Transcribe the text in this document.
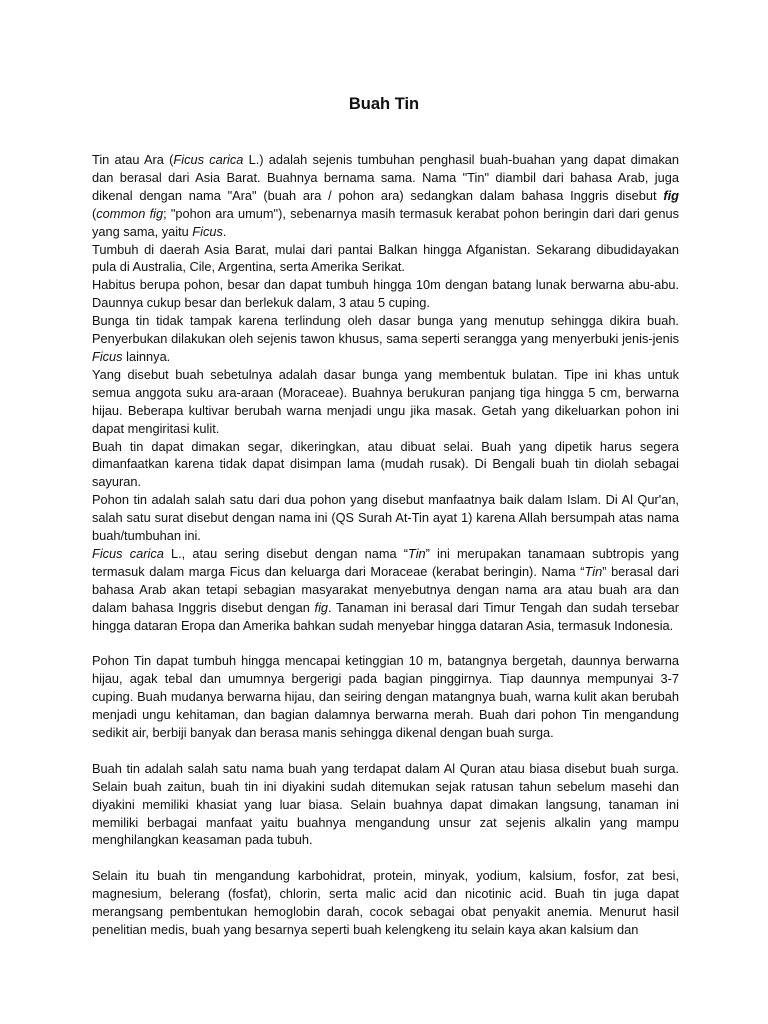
Buah Tin

Tin atau Ara (Ficus carica L.) adalah sejenis tumbuhan penghasil buah-buahan yang dapat dimakan dan berasal dari Asia Barat. Buahnya bernama sama. Nama "Tin" diambil dari bahasa Arab, juga dikenal dengan nama "Ara" (buah ara / pohon ara) sedangkan dalam bahasa Inggris disebut fig (common fig; "pohon ara umum"), sebenarnya masih termasuk kerabat pohon beringin dari dari genus yang sama, yaitu Ficus.

Tumbuh di daerah Asia Barat, mulai dari pantai Balkan hingga Afganistan. Sekarang dibudidayakan pula di Australia, Cile, Argentina, serta Amerika Serikat.

Habitus berupa pohon, besar dan dapat tumbuh hingga 10m dengan batang lunak berwarna abu-abu. Daunnya cukup besar dan berlekuk dalam, 3 atau 5 cuping.

Bunga tin tidak tampak karena terlindung oleh dasar bunga yang menutup sehingga dikira buah. Penyerbukan dilakukan oleh sejenis tawon khusus, sama seperti serangga yang menyerbuki jenis-jenis Ficus lainnya.

Yang disebut buah sebetulnya adalah dasar bunga yang membentuk bulatan. Tipe ini khas untuk semua anggota suku ara-araan (Moraceae). Buahnya berukuran panjang tiga hingga 5 cm, berwarna hijau. Beberapa kultivar berubah warna menjadi ungu jika masak. Getah yang dikeluarkan pohon ini dapat mengiritasi kulit.

Buah tin dapat dimakan segar, dikeringkan, atau dibuat selai. Buah yang dipetik harus segera dimanfaatkan karena tidak dapat disimpan lama (mudah rusak). Di Bengali buah tin diolah sebagai sayuran.

Pohon tin adalah salah satu dari dua pohon yang disebut manfaatnya baik dalam Islam. Di Al Qur'an, salah satu surat disebut dengan nama ini (QS Surah At-Tin ayat 1) karena Allah bersumpah atas nama buah/tumbuhan ini.

Ficus carica L., atau sering disebut dengan nama “Tin” ini merupakan tanamaan subtropis yang termasuk dalam marga Ficus dan keluarga dari Moraceae (kerabat beringin). Nama “Tin” berasal dari bahasa Arab akan tetapi sebagian masyarakat menyebutnya dengan nama ara atau buah ara dan dalam bahasa Inggris disebut dengan fig. Tanaman ini berasal dari Timur Tengah dan sudah tersebar hingga dataran Eropa dan Amerika bahkan sudah menyebar hingga dataran Asia, termasuk Indonesia.

Pohon Tin dapat tumbuh hingga mencapai ketinggian 10 m, batangnya bergetah, daunnya berwarna hijau, agak tebal dan umumnya bergerigi pada bagian pinggirnya. Tiap daunnya mempunyai 3-7 cuping. Buah mudanya berwarna hijau, dan seiring dengan matangnya buah, warna kulit akan berubah menjadi ungu kehitaman, dan bagian dalamnya berwarna merah. Buah dari pohon Tin mengandung sedikit air, berbiji banyak dan berasa manis sehingga dikenal dengan buah surga.

Buah tin adalah salah satu nama buah yang terdapat dalam Al Quran atau biasa disebut buah surga. Selain buah zaitun, buah tin ini diyakini sudah ditemukan sejak ratusan tahun sebelum masehi dan diyakini memiliki khasiat yang luar biasa. Selain buahnya dapat dimakan langsung, tanaman ini memiliki berbagai manfaat yaitu buahnya mengandung unsur zat sejenis alkalin yang mampu menghilangkan keasaman pada tubuh.

Selain itu buah tin mengandung karbohidrat, protein, minyak, yodium, kalsium, fosfor, zat besi, magnesium, belerang (fosfat), chlorin, serta malic acid dan nicotinic acid. Buah tin juga dapat merangsang pembentukan hemoglobin darah, cocok sebagai obat penyakit anemia. Menurut hasil penelitian medis, buah yang besarnya seperti buah kelengkeng itu selain kaya akan kalsium dan
